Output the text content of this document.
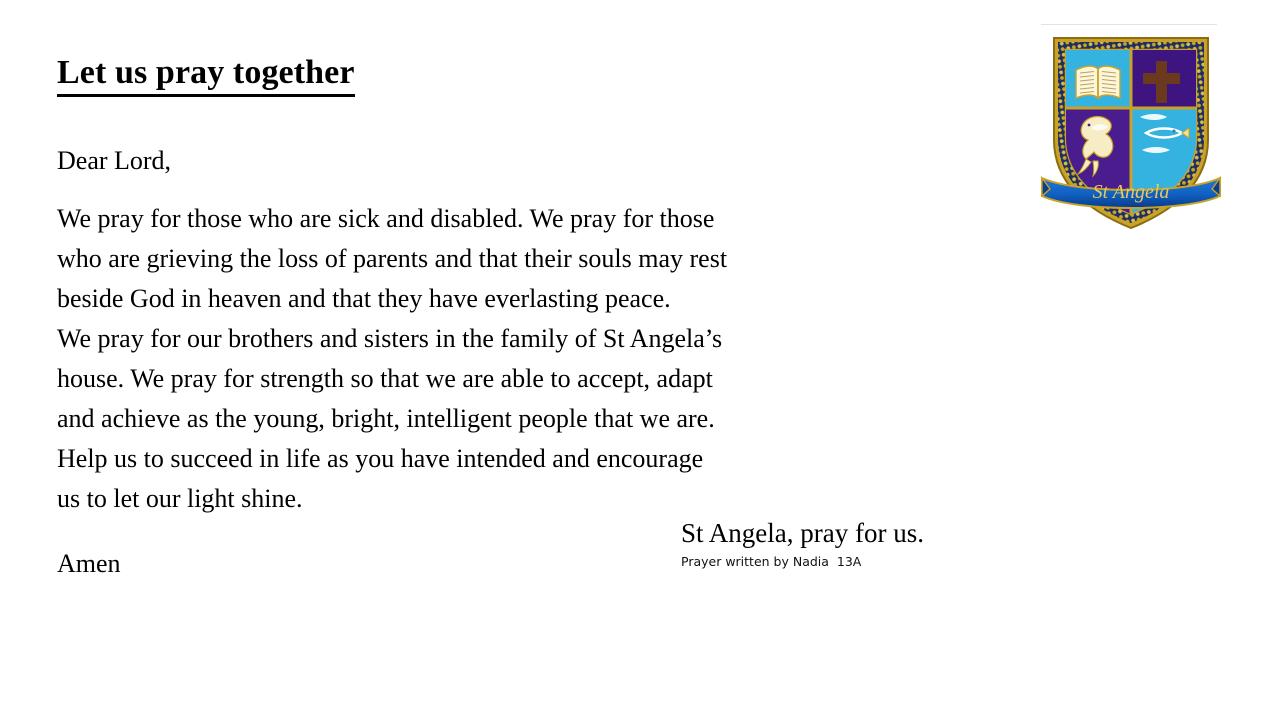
Let us pray together
Dear Lord,
We pray for those who are sick and disabled. We pray for those
who are grieving the loss of parents and that their souls may rest
beside God in heaven and that they have everlasting peace.
We pray for our brothers and sisters in the family of St Angela’s
house. We pray for strength so that we are able to accept, adapt
and achieve as the young, bright, intelligent people that we are.
Help us to succeed in life as you have intended and encourage
us to let our light shine.
Amen
St Angela, pray for us.
Prayer written by Nadia  13A
St Angela
